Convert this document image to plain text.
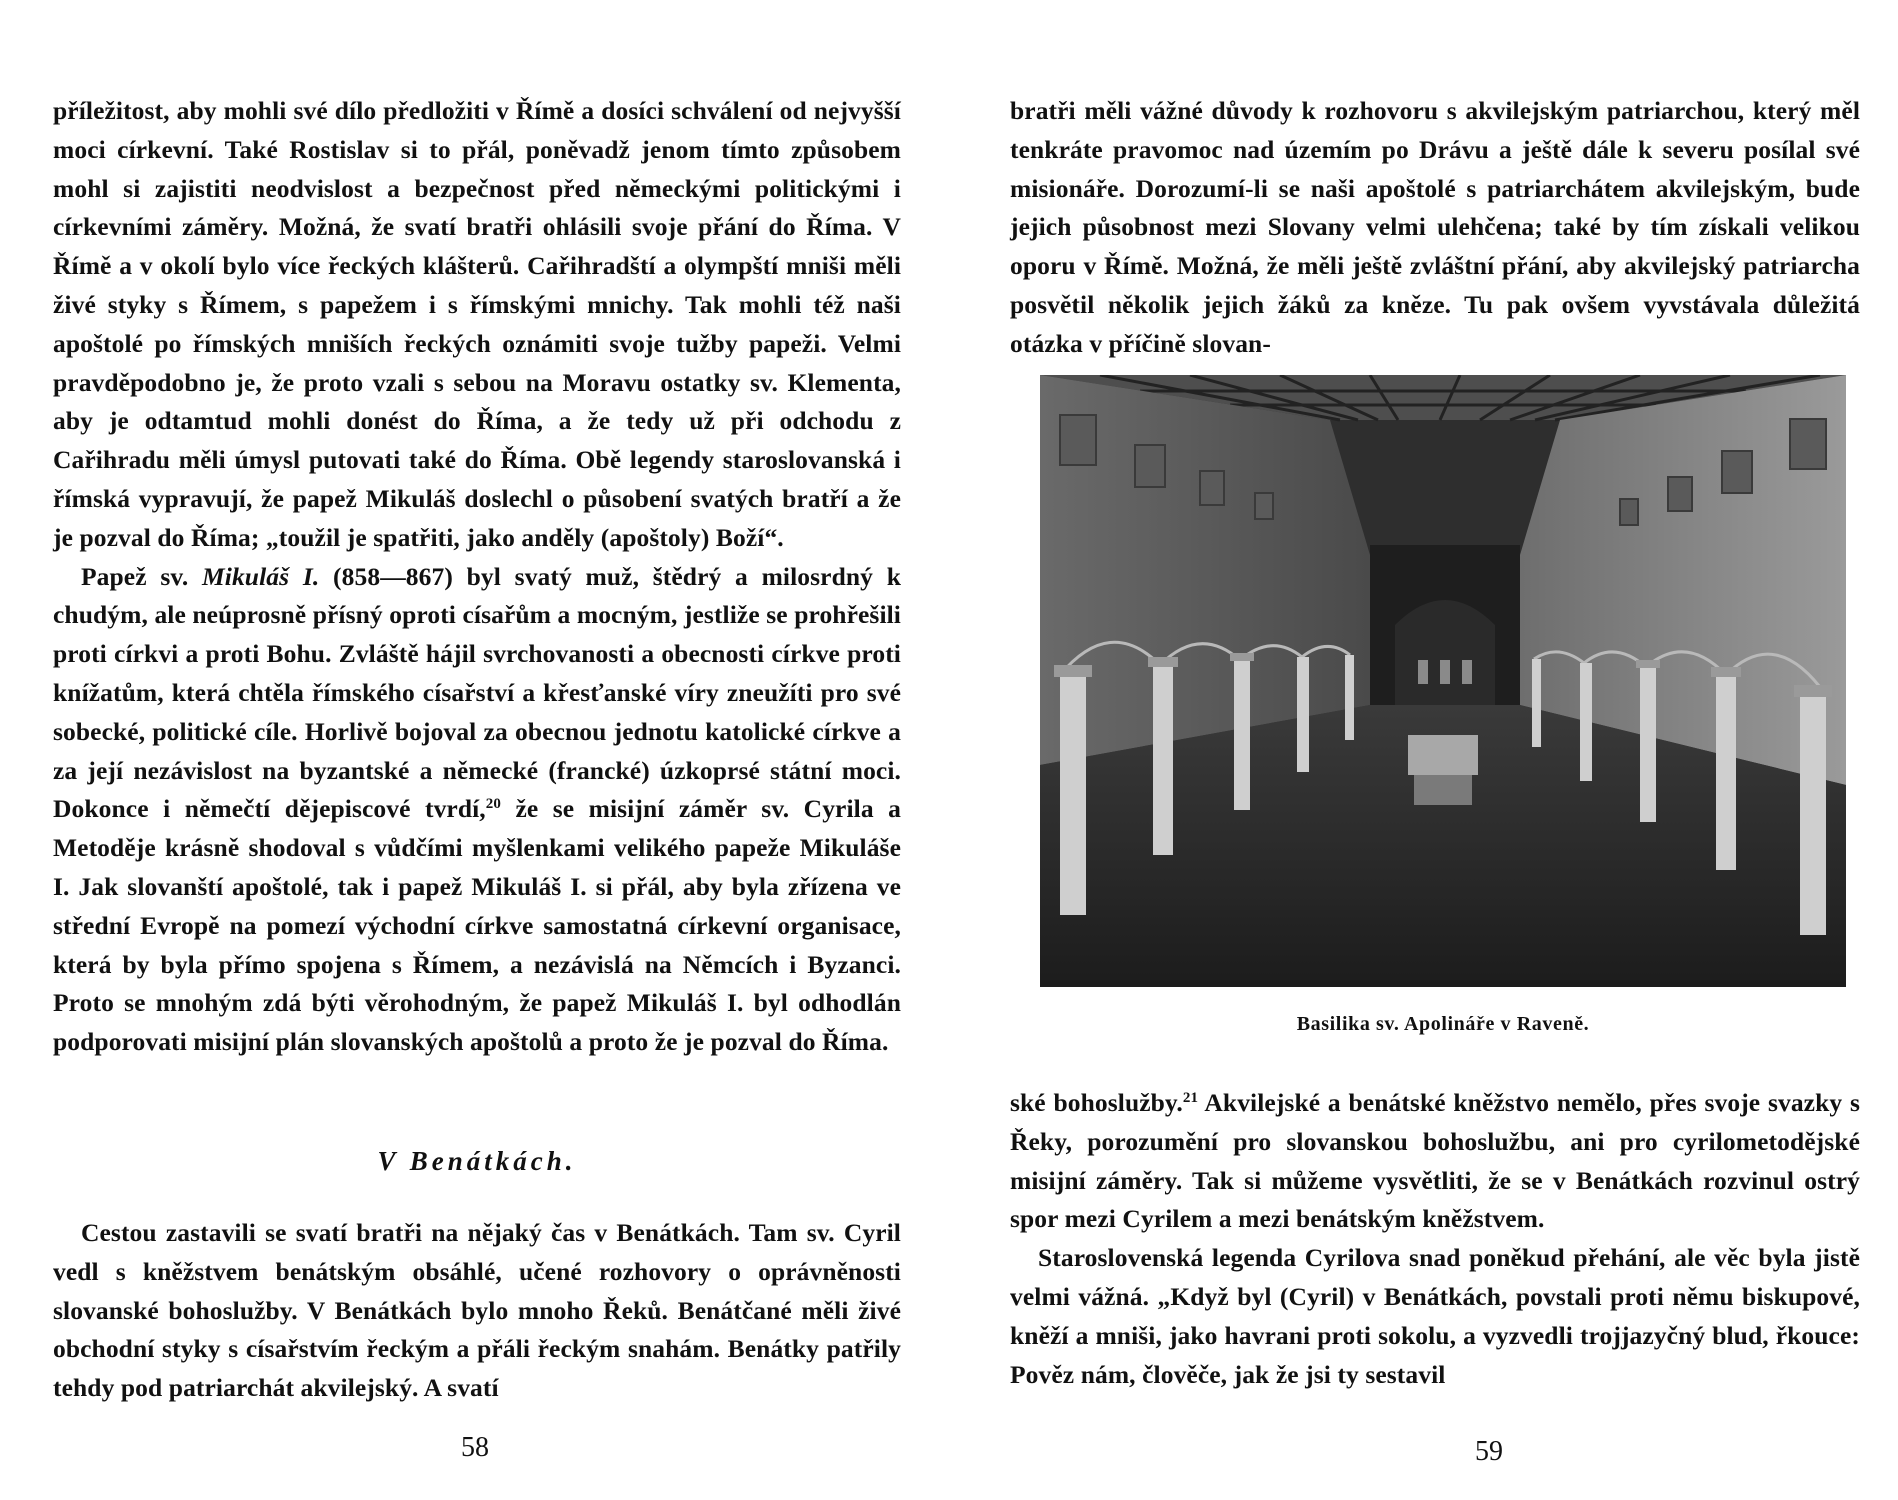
příležitost, aby mohli své dílo předložiti v Římě a dosíci schválení od nejvyšší moci církevní. Také Rostislav si to přál, poněvadž jenom tímto způsobem mohl si zajistiti neodvislost a bezpečnost před německými politickými i církevními záměry. Možná, že svatí bratři ohlásili svoje přání do Říma. V Římě a v okolí bylo více řeckých klášterů. Cařihradští a olympští mniši měli živé styky s Římem, s papežem i s římskými mnichy. Tak mohli též naši apoštolé po římských mniších řeckých oznámiti svoje tužby papeži. Velmi pravděpodobno je, že proto vzali s sebou na Moravu ostatky sv. Klementa, aby je odtamtud mohli donést do Říma, a že tedy už při odchodu z Cařihradu měli úmysl putovati také do Říma. Obě legendy staroslovanská i římská vypravují, že papež Mikuláš doslechl o působení svatých bratří a že je pozval do Říma; „toužil je spatřiti, jako anděly (apoštoly) Boží“.

Papež sv. Mikuláš I. (858—867) byl svatý muž, štědrý a milosrdný k chudým, ale neúprosně přísný oproti císařům a mocným, jestliže se prohřešili proti církvi a proti Bohu. Zvláště hájil svrchovanosti a obecnosti církve proti knížatům, která chtěla římského císařství a křesťanské víry zneužíti pro své sobecké, politické cíle. Horlivě bojoval za obecnou jednotu katolické církve a za její nezávislost na byzantské a německé (francké) úzkoprsé státní moci. Dokonce i němečtí dějepiscové tvrdí,$^{20}$ že se misijní záměr sv. Cyrila a Metoděje krásně shodoval s vůdčími myšlenkami velikého papeže Mikuláše I. Jak slovanští apoštolé, tak i papež Mikuláš I. si přál, aby byla zřízena ve střední Evropě na pomezí východní církve samostatná církevní organisace, která by byla přímo spojena s Římem, a nezávislá na Němcích i Byzanci. Proto se mnohým zdá býti věrohodným, že papež Mikuláš I. byl odhodlán podporovati misijní plán slovanských apoštolů a proto že je pozval do Říma.

V Benátkách.

Cestou zastavili se svatí bratři na nějaký čas v Benátkách. Tam sv. Cyril vedl s kněžstvem benátským obsáhlé, učené rozhovory o oprávněnosti slovanské bohoslužby. V Benátkách bylo mnoho Řeků. Benátčané měli živé obchodní styky s císařstvím řeckým a přáli řeckým snahám. Benátky patřily tehdy pod patriarchát akvilejský. A svatí

58	59

bratři měli vážné důvody k rozhovoru s akvilejským patriarchou, který měl tenkráte pravomoc nad územím po Drávu a ještě dále k severu posílal své misionáře. Dorozumí-li se naši apoštolé s patriarchátem akvilejským, bude jejich působnost mezi Slovany velmi ulehčena; také by tím získali velikou oporu v Římě. Možná, že měli ještě zvláštní přání, aby akvilejský patriarcha posvětil několik jejich žáků za kněze. Tu pak ovšem vyvstávala důležitá otázka v příčině slovan-

Basilika sv. Apolináře v Raveně.

ské bohoslužby.$^{21}$ Akvilejské a benátské kněžstvo nemělo, přes svoje svazky s Řeky, porozumění pro slovanskou bohoslužbu, ani pro cyrilometodějské misijní záměry. Tak si můžeme vysvětliti, že se v Benátkách rozvinul ostrý spor mezi Cyrilem a mezi benátským kněžstvem.

Staroslovenská legenda Cyrilova snad poněkud přehání, ale věc byla jistě velmi vážná. „Když byl (Cyril) v Benátkách, povstali proti němu biskupové, kněží a mniši, jako havrani proti sokolu, a vyzvedli trojjazyčný blud, řkouce: Pověz nám, člověče, jak že jsi ty sestavil
